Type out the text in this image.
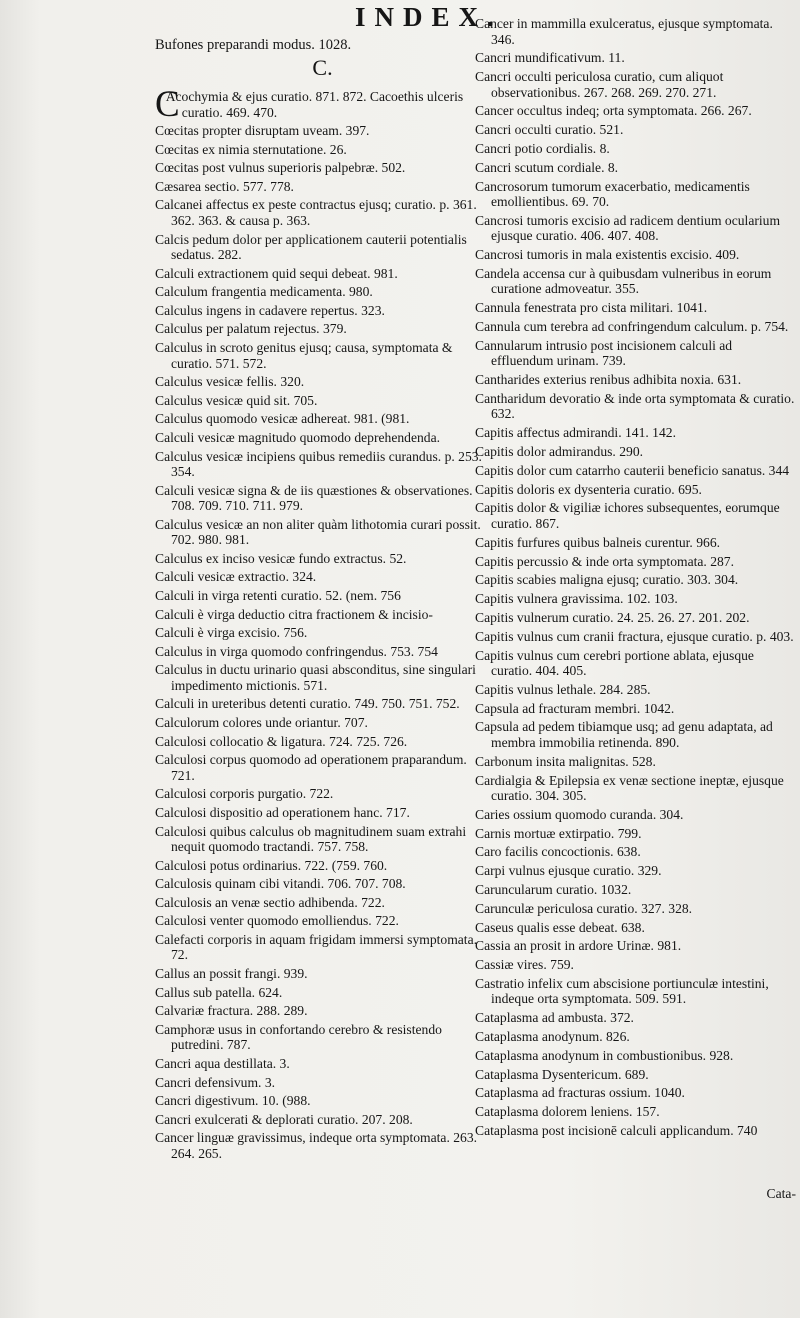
INDEX.
Bufones preparandi modus. 1028.
C.
C
Acochymia & ejus curatio. 871. 872. Cacoethis ulceris curatio. 469. 470.
Cœcitas propter disruptam uveam. 397.
Cœcitas ex nimia sternutatione. 26.
Cœcitas post vulnus superioris palpebræ. 502.
Cæsarea sectio. 577. 778.
Calcanei affectus ex peste contractus ejusq; curatio. p. 361. 362. 363. & causa p. 363.
Calcis pedum dolor per applicationem cauterii potentialis sedatus. 282.
Calculi extractionem quid sequi debeat. 981.
Calculum frangentia medicamenta. 980.
Calculus ingens in cadavere repertus. 323.
Calculus per palatum rejectus. 379.
Calculus in scroto genitus ejusq; causa, symptomata & curatio. 571. 572.
Calculus vesicæ fellis. 320.
Calculus vesicæ quid sit. 705.
Calculus quomodo vesicæ adhereat. 981. (981.
Calculi vesicæ magnitudo quomodo deprehendenda.
Calculus vesicæ incipiens quibus remediis curandus. p. 253. 354.
Calculi vesicæ signa & de iis quæstiones & observationes. 708. 709. 710. 711. 979.
Calculus vesicæ an non aliter quàm lithotomia curari possit. 702. 980. 981.
Calculus ex inciso vesicæ fundo extractus. 52.
Calculi vesicæ extractio. 324.
Calculi in virga retenti curatio. 52. (nem. 756
Calculi è virga deductio citra fractionem & incisio-
Calculi è virga excisio. 756.
Calculus in virga quomodo confringendus. 753. 754
Calculus in ductu urinario quasi absconditus, sine singulari impedimento mictionis. 571.
Calculi in ureteribus detenti curatio. 749. 750. 751. 752.
Calculorum colores unde oriantur. 707.
Calculosi collocatio & ligatura. 724. 725. 726.
Calculosi corpus quomodo ad operationem praparandum. 721.
Calculosi corporis purgatio. 722.
Calculosi dispositio ad operationem hanc. 717.
Calculosi quibus calculus ob magnitudinem suam extrahi nequit quomodo tractandi. 757. 758.
Calculosi potus ordinarius. 722. (759. 760.
Calculosis quinam cibi vitandi. 706. 707. 708.
Calculosis an venæ sectio adhibenda. 722.
Calculosi venter quomodo emolliendus. 722.
Calefacti corporis in aquam frigidam immersi symptomata. 72.
Callus an possit frangi. 939.
Callus sub patella. 624.
Calvariæ fractura. 288. 289.
Camphoræ usus in confortando cerebro & resistendo putredini. 787.
Cancri aqua destillata. 3.
Cancri defensivum. 3.
Cancri digestivum. 10. (988.
Cancri exulcerati & deplorati curatio. 207. 208.
Cancer linguæ gravissimus, indeque orta symptomata. 263. 264. 265.
Cancer in mammilla exulceratus, ejusque symptomata. 346.
Cancri mundificativum. 11.
Cancri occulti periculosa curatio, cum aliquot observationibus. 267. 268. 269. 270. 271.
Cancer occultus indeq; orta symptomata. 266. 267.
Cancri occulti curatio. 521.
Cancri potio cordialis. 8.
Cancri scutum cordiale. 8.
Cancrosorum tumorum exacerbatio, medicamentis emollientibus. 69. 70.
Cancrosi tumoris excisio ad radicem dentium ocularium ejusque curatio. 406. 407. 408.
Cancrosi tumoris in mala existentis excisio. 409.
Candela accensa cur à quibusdam vulneribus in eorum curatione admoveatur. 355.
Cannula fenestrata pro cista militari. 1041.
Cannula cum terebra ad confringendum calculum. p. 754.
Cannularum intrusio post incisionem calculi ad effluendum urinam. 739.
Cantharides exterius renibus adhibita noxia. 631.
Cantharidum devoratio & inde orta symptomata & curatio. 632.
Capitis affectus admirandi. 141. 142.
Capitis dolor admirandus. 290.
Capitis dolor cum catarrho cauterii beneficio sanatus. 344
Capitis doloris ex dysenteria curatio. 695.
Capitis dolor & vigiliæ ichores subsequentes, eorumque curatio. 867.
Capitis furfures quibus balneis curentur. 966.
Capitis percussio & inde orta symptomata. 287.
Capitis scabies maligna ejusq; curatio. 303. 304.
Capitis vulnera gravissima. 102. 103.
Capitis vulnerum curatio. 24. 25. 26. 27. 201. 202.
Capitis vulnus cum cranii fractura, ejusque curatio. p. 403.
Capitis vulnus cum cerebri portione ablata, ejusque curatio. 404. 405.
Capitis vulnus lethale. 284. 285.
Capsula ad fracturam membri. 1042.
Capsula ad pedem tibiamque usq; ad genu adaptata, ad membra immobilia retinenda. 890.
Carbonum insita malignitas. 528.
Cardialgia & Epilepsia ex venæ sectione ineptæ, ejusque curatio. 304. 305.
Caries ossium quomodo curanda. 304.
Carnis mortuæ extirpatio. 799.
Caro facilis concoctionis. 638.
Carpi vulnus ejusque curatio. 329.
Caruncularum curatio. 1032.
Carunculæ periculosa curatio. 327. 328.
Caseus qualis esse debeat. 638.
Cassia an prosit in ardore Urinæ. 981.
Cassiæ vires. 759.
Castratio infelix cum abscisione portiunculæ intestini, indeque orta symptomata. 509. 591.
Cataplasma ad ambusta. 372.
Cataplasma anodynum. 826.
Cataplasma anodynum in combustionibus. 928.
Cataplasma Dysentericum. 689.
Cataplasma ad fracturas ossium. 1040.
Cataplasma dolorem leniens. 157.
Cataplasma post incisionē calculi applicandum. 740
Cata-
